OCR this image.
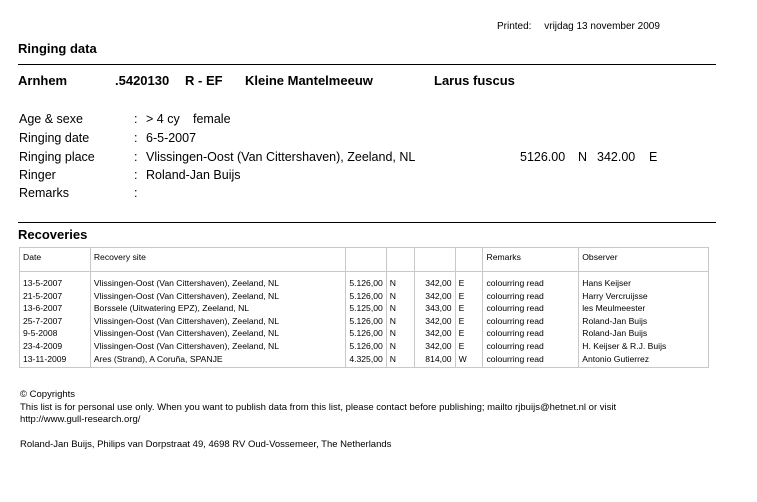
Printed: vrijdag 13 november 2009
Ringing data
Arnhem	.5420130 R - EF Kleine Mantelmeeuw	Larus fuscus
Age & sexe	: > 4 cy female
Ringing date	: 6-5-2007
Ringing place	: Vlissingen-Oost (Van Cittershaven), Zeeland, NL	5126.00 N 342.00 E
Ringer	: Roland-Jan Buijs
Remarks	:
Recoveries
Date	Recovery site					Remarks	Observer

13-5-2007	Vlissingen-Oost (Van Cittershaven), Zeeland, NL	5.126,00	N	342,00	E	colourring read	Hans Keijser
21-5-2007	Vlissingen-Oost (Van Cittershaven), Zeeland, NL	5.126,00	N	342,00	E	colourring read	Harry Vercruijsse
13-6-2007	Borssele (Uitwatering EPZ), Zeeland, NL	5.125,00	N	343,00	E	colourring read	les Meulmeester
25-7-2007	Vlissingen-Oost (Van Cittershaven), Zeeland, NL	5.126,00	N	342,00	E	colourring read	Roland-Jan Buijs
9-5-2008	Vlissingen-Oost (Van Cittershaven), Zeeland, NL	5.126,00	N	342,00	E	colourring read	Roland-Jan Buijs
23-4-2009	Vlissingen-Oost (Van Cittershaven), Zeeland, NL	5.126,00	N	342,00	E	colourring read	H. Keijser & R.J. Buijs
13-11-2009	Ares (Strand), A Coruña, SPANJE	4.325,00	N	814,00	W	colourring read	Antonio Gutierrez
© Copyrights
This list is for personal use only. When you want to publish data from this list, please contact before publishing; mailto rjbuijs@hetnet.nl or visit
http://www.gull-research.org/
Roland-Jan Buijs, Philips van Dorpstraat 49, 4698 RV Oud-Vossemeer, The Netherlands
